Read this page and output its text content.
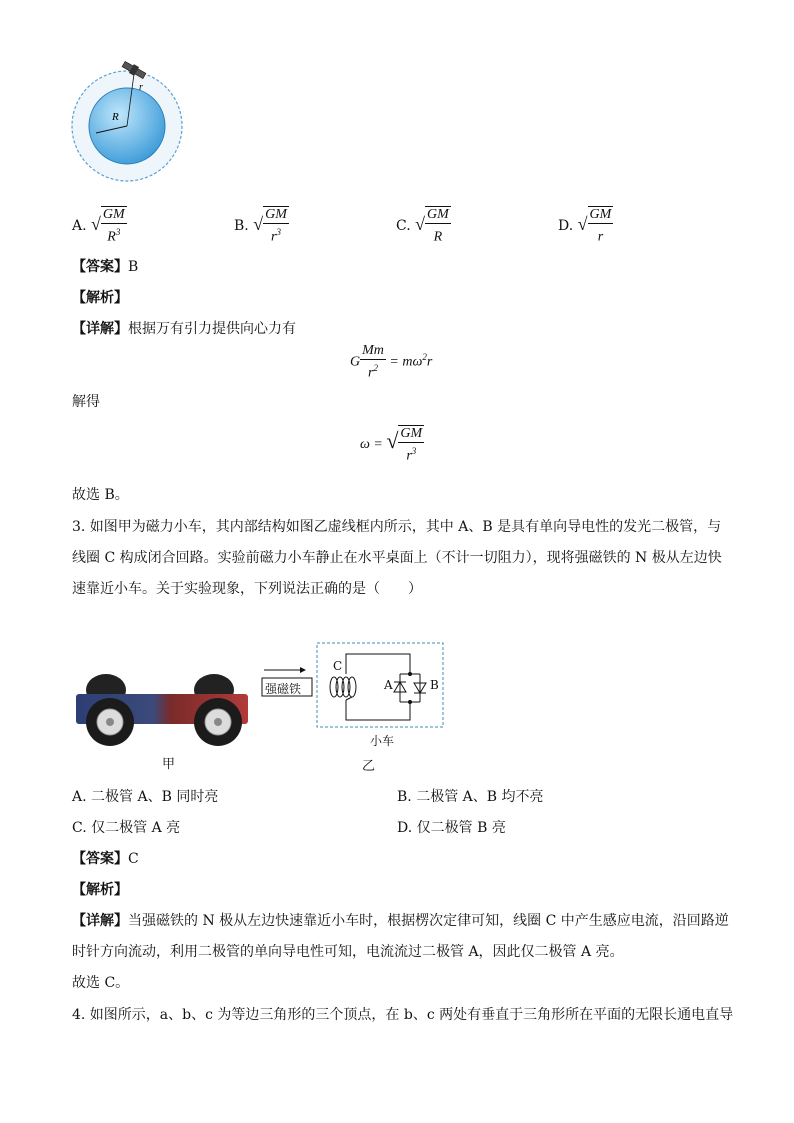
R
r
A. √ $\frac{GM}{R^3}$	B. √ $\frac{GM}{r^3}$	C. √ $\frac{GM}{R}$	D. √ $\frac{GM}{r}$
【答案】B
【解析】
【详解】根据万有引力提供向心力有
G $\frac{Mm}{r^2} = m\omega^2r$
解得
ω = √ $\frac{GM}{r^3}$
故选 B。
3. 如图甲为磁力小车，其内部结构如图乙虚线框内所示，其中 A、B 是具有单向导电性的发光二极管，与
线圈 C 构成闭合回路。实验前磁力小车静止在水平桌面上（不计一切阻力），现将强磁铁的 N 极从左边快
速靠近小车。关于实验现象，下列说法正确的是（　　）
甲
强磁铁
C
A	B
小车
乙
A. 二极管 A、B 同时亮	B. 二极管 A、B 均不亮
C. 仅二极管 A 亮	D. 仅二极管 B 亮
【答案】C
【解析】
【详解】当强磁铁的 N 极从左边快速靠近小车时，根据楞次定律可知，线圈 C 中产生感应电流，沿回路逆
时针方向流动，利用二极管的单向导电性可知，电流流过二极管 A，因此仅二极管 A 亮。
故选 C。
4. 如图所示，a、b、c 为等边三角形的三个顶点，在 b、c 两处有垂直于三角形所在平面的无限长通电直导
